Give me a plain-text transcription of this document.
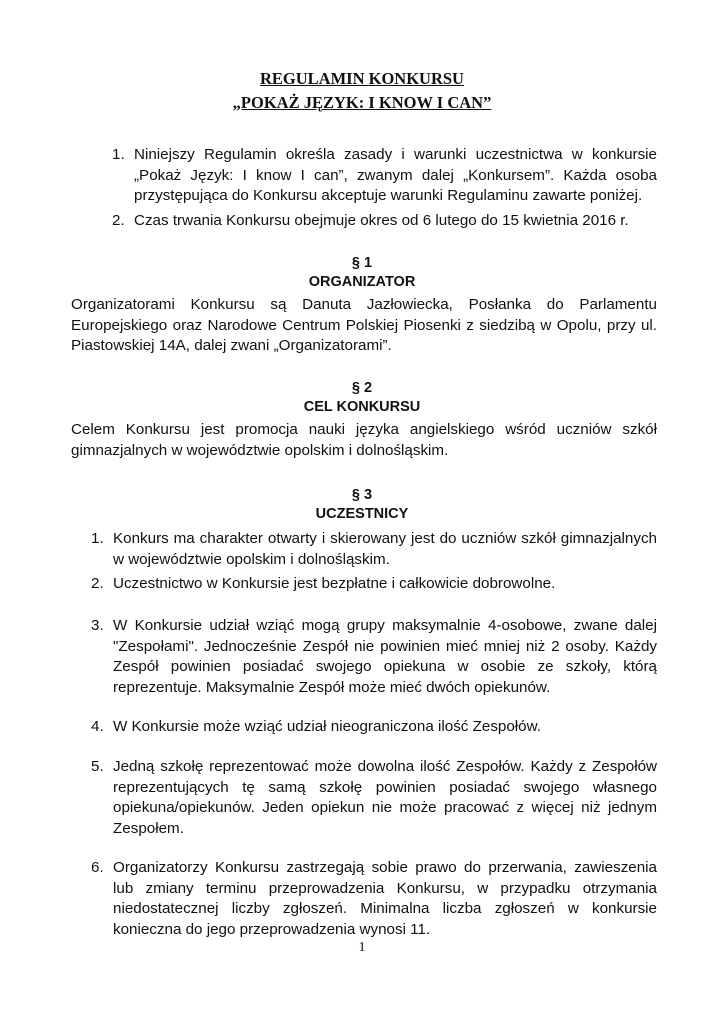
REGULAMIN KONKURSU
„POKAŻ JĘZYK: I KNOW I CAN”
1. Niniejszy Regulamin określa zasady i warunki uczestnictwa w konkursie „Pokaż Język: I know I can”, zwanym dalej „Konkursem”. Każda osoba przystępująca do Konkursu akceptuje warunki Regulaminu zawarte poniżej.
2. Czas trwania Konkursu obejmuje okres od 6 lutego do 15 kwietnia 2016 r.
§ 1
ORGANIZATOR

Organizatorami Konkursu są Danuta Jazłowiecka, Posłanka do Parlamentu Europejskiego oraz Narodowe Centrum Polskiej Piosenki z siedzibą w Opolu, przy ul. Piastowskiej 14A, dalej zwani „Organizatorami”.

§ 2
CEL KONKURSU

Celem Konkursu jest promocja nauki języka angielskiego wśród uczniów szkół gimnazjalnych w województwie opolskim i dolnośląskim.

§ 3
UCZESTNICY
1. Konkurs ma charakter otwarty i skierowany jest do uczniów szkół gimnazjalnych w województwie opolskim i dolnośląskim.
2. Uczestnictwo w Konkursie jest bezpłatne i całkowicie dobrowolne.
3. W Konkursie udział wziąć mogą grupy maksymalnie 4-osobowe, zwane dalej "Zespołami". Jednocześnie Zespół nie powinien mieć mniej niż 2 osoby. Każdy Zespół powinien posiadać swojego opiekuna w osobie ze szkoły, którą reprezentuje. Maksymalnie Zespół może mieć dwóch opiekunów.
4. W Konkursie może wziąć udział nieograniczona ilość Zespołów.
5. Jedną szkołę reprezentować może dowolna ilość Zespołów. Każdy z Zespołów reprezentujących tę samą szkołę powinien posiadać swojego własnego opiekuna/opiekunów. Jeden opiekun nie może pracować z więcej niż jednym Zespołem.
6. Organizatorzy Konkursu zastrzegają sobie prawo do przerwania, zawieszenia lub zmiany terminu przeprowadzenia Konkursu, w przypadku otrzymania niedostatecznej liczby zgłoszeń. Minimalna liczba zgłoszeń w konkursie konieczna do jego przeprowadzenia wynosi 11.
1
